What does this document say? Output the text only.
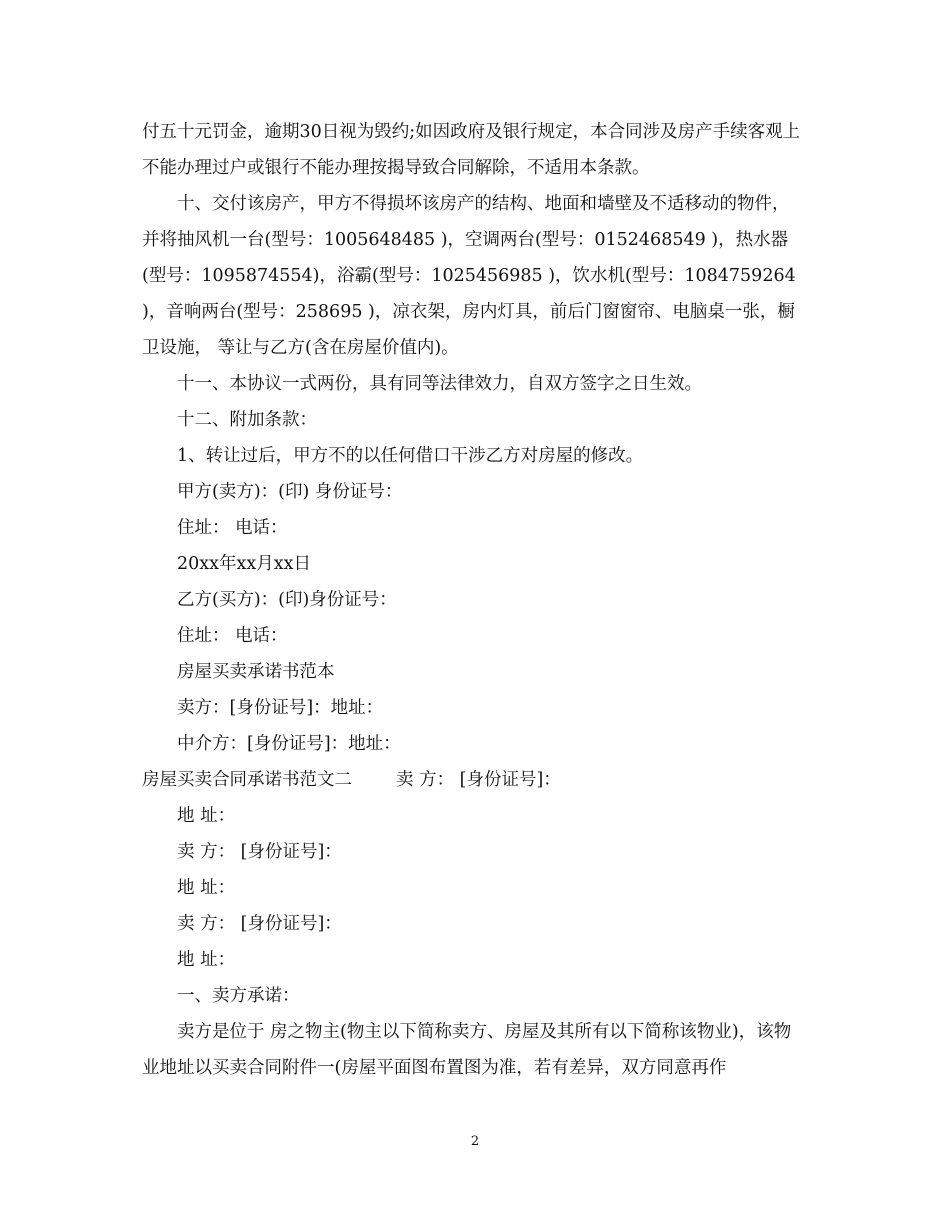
付五十元罚金，逾期30日视为毁约;如因政府及银行规定，本合同涉及房产手续客观上不能办理过户或银行不能办理按揭导致合同解除，不适用本条款。

十、交付该房产，甲方不得损坏该房产的结构、地面和墙壁及不适移动的物件，并将抽风机一台(型号：1005648485 )，空调两台(型号：0152468549 )，热水器(型号：1095874554)，浴霸(型号：1025456985 )，饮水机(型号：1084759264 )，音响两台(型号：258695 )，凉衣架，房内灯具，前后门窗窗帘、电脑桌一张，橱卫设施， 等让与乙方(含在房屋价值内)。

十一、本协议一式两份，具有同等法律效力，自双方签字之日生效。

十二、附加条款：

1、转让过后，甲方不的以任何借口干涉乙方对房屋的修改。

甲方(卖方)：(印) 身份证号：

住址： 电话：

20xx年xx月xx日

乙方(买方)：(印)身份证号：

住址： 电话：

房屋买卖承诺书范本

卖方：[身份证号]：地址：

中介方：[身份证号]：地址：

房屋买卖合同承诺书范文二	卖 方： [身份证号]：

地 址：

卖 方： [身份证号]：

地 址：

卖 方： [身份证号]：

地 址：

一、卖方承诺：

卖方是位于 房之物主(物主以下简称卖方、房屋及其所有以下简称该物业)，该物业地址以买卖合同附件一(房屋平面图布置图为准，若有差异，双方同意再作

2
